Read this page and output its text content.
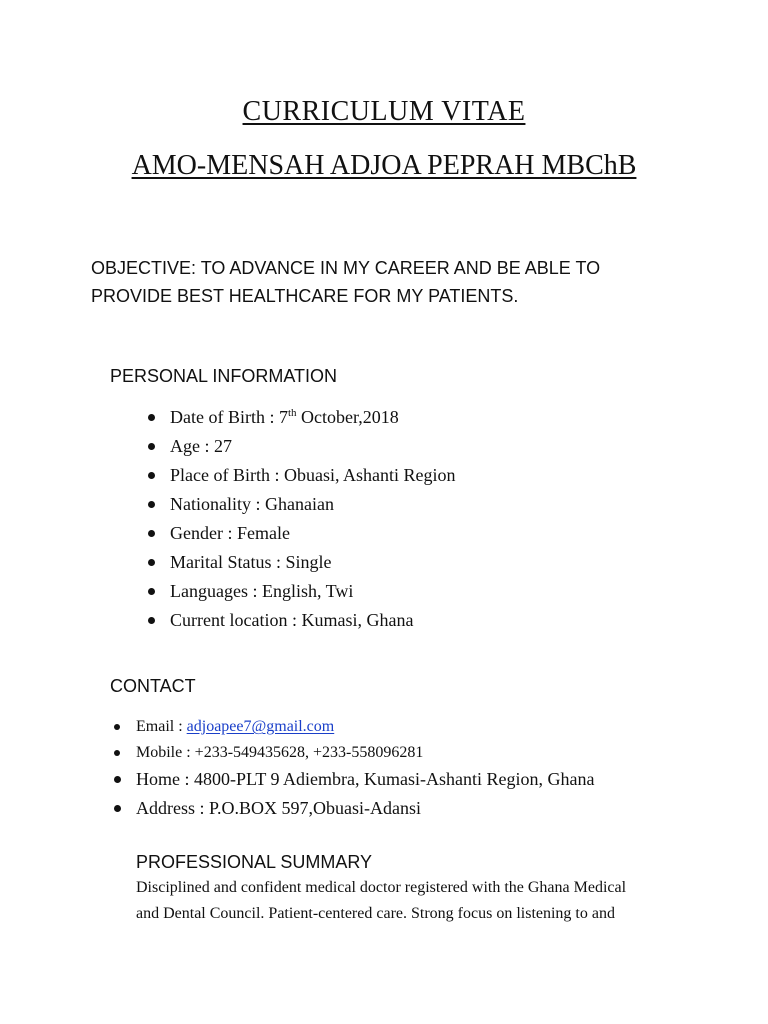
CURRICULUM VITAE
AMO-MENSAH ADJOA PEPRAH MBChB
OBJECTIVE: TO ADVANCE IN MY CAREER AND BE ABLE TO
PROVIDE BEST HEALTHCARE FOR MY PATIENTS.
PERSONAL INFORMATION
Date of Birth : 7th October,2018
Age : 27
Place of Birth : Obuasi, Ashanti Region
Nationality : Ghanaian
Gender : Female
Marital Status : Single
Languages : English, Twi
Current location : Kumasi, Ghana
CONTACT
Email : adjoapee7@gmail.com
Mobile : +233-549435628, +233-558096281
Home : 4800-PLT 9 Adiembra, Kumasi-Ashanti Region, Ghana
Address : P.O.BOX 597,Obuasi-Adansi
PROFESSIONAL SUMMARY
Disciplined and confident medical doctor registered with the Ghana Medical
and Dental Council. Patient-centered care. Strong focus on listening to and
